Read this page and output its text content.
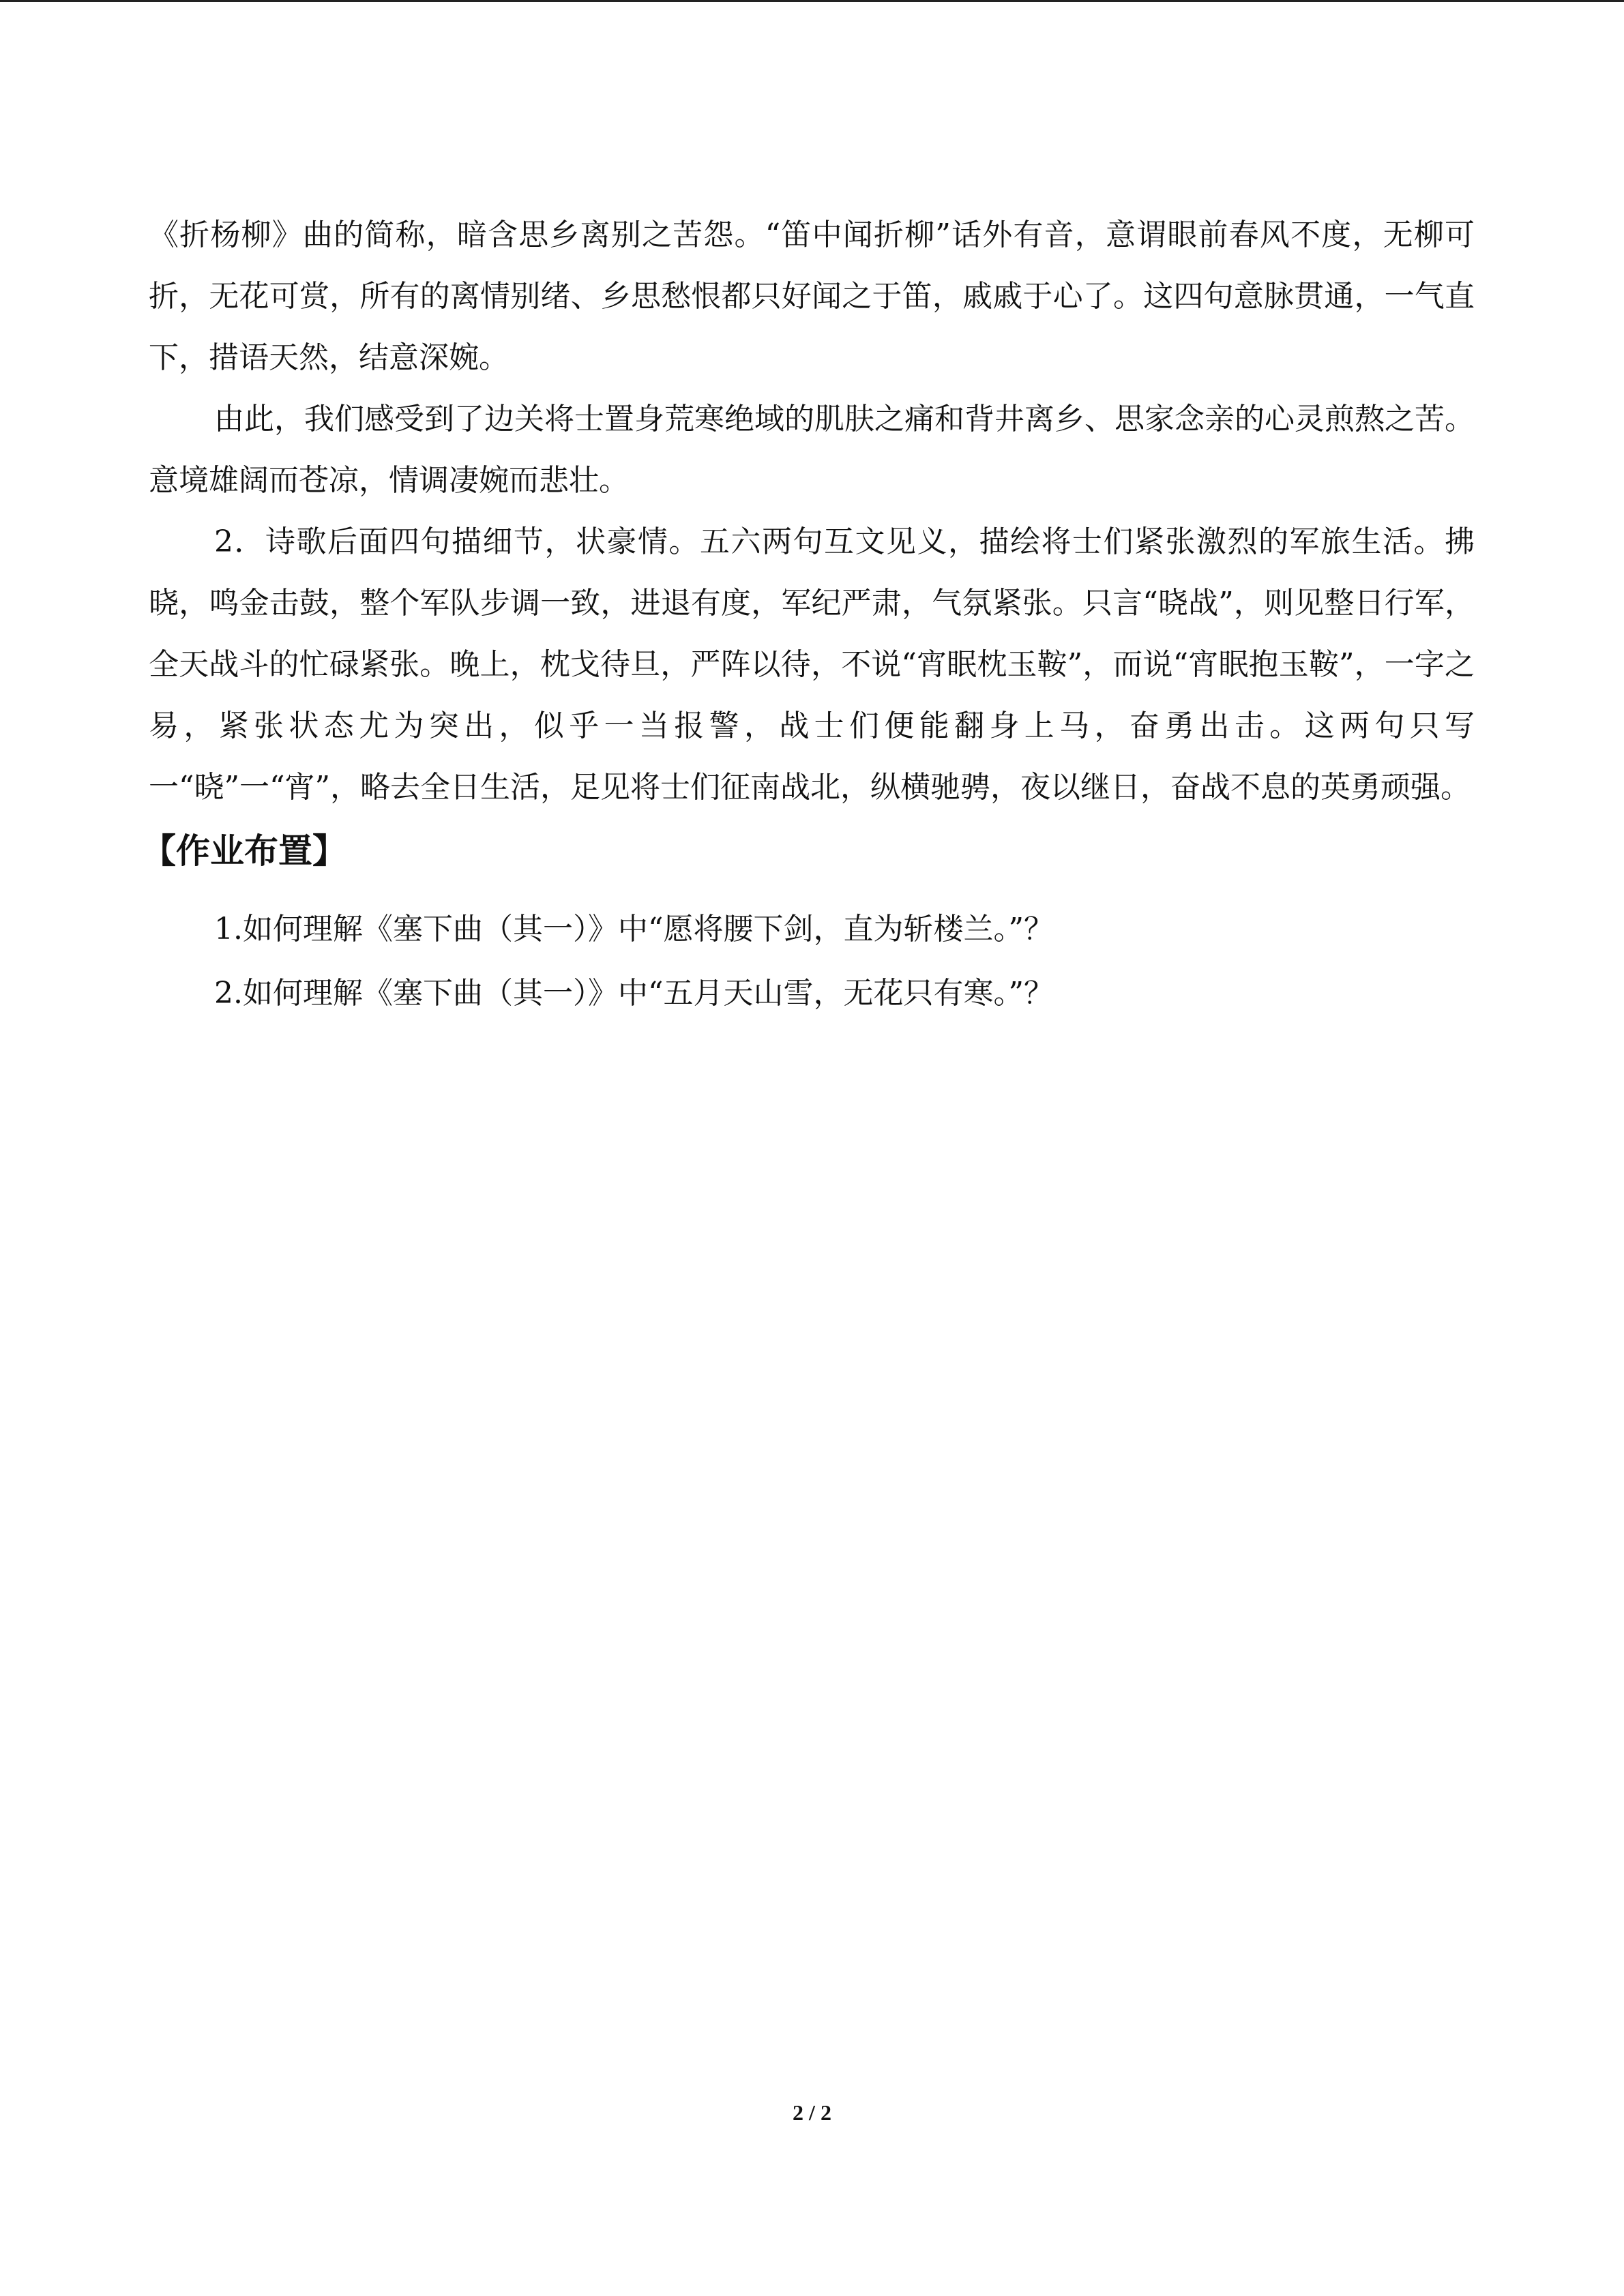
《折杨柳》曲的简称，暗含思乡离别之苦怨。“笛中闻折柳”话外有音，意谓眼前春风不度，无柳可折，无花可赏，所有的离情别绪、乡思愁恨都只好闻之于笛，戚戚于心了。这四句意脉贯通，一气直下，措语天然，结意深婉。

由此，我们感受到了边关将士置身荒寒绝域的肌肤之痛和背井离乡、思家念亲的心灵煎熬之苦。意境雄阔而苍凉，情调凄婉而悲壮。

2．诗歌后面四句描细节，状豪情。五六两句互文见义，描绘将士们紧张激烈的军旅生活。拂晓，鸣金击鼓，整个军队步调一致，进退有度，军纪严肃，气氛紧张。只言“晓战”，则见整日行军，全天战斗的忙碌紧张。晚上，枕戈待旦，严阵以待，不说“宵眠枕玉鞍”，而说“宵眠抱玉鞍”，一字之易，紧张状态尤为突出，似乎一当报警，战士们便能翻身上马，奋勇出击。这两句只写一“晓”一“宵”，略去全日生活，足见将士们征南战北，纵横驰骋，夜以继日，奋战不息的英勇顽强。

【作业布置】
1.如何理解《塞下曲（其一）》中“愿将腰下剑，直为斩楼兰。”？
2.如何理解《塞下曲（其一）》中“五月天山雪，无花只有寒。”？
2 / 2
